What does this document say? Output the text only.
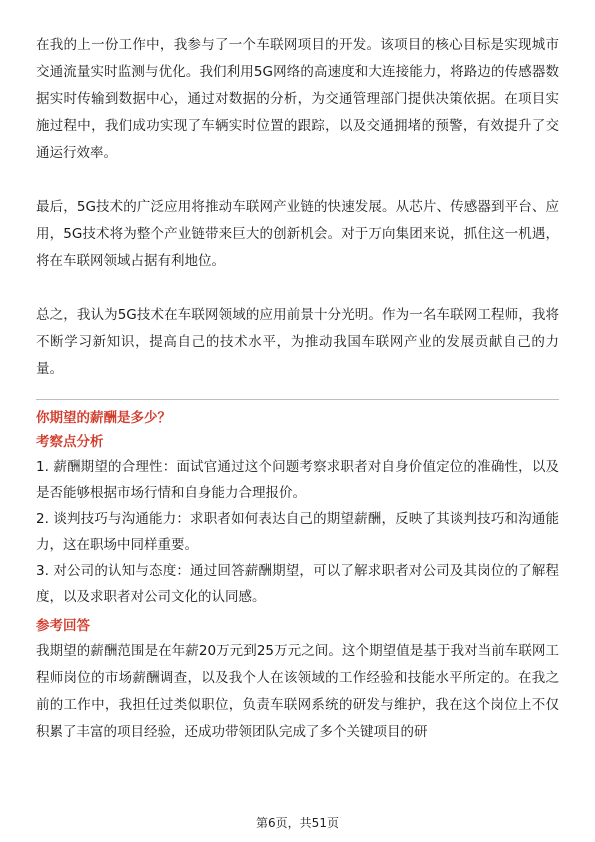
在我的上一份工作中，我参与了一个车联网项目的开发。该项目的核心目标是实现城市交通流量实时监测与优化。我们利用5G网络的高速度和大连接能力，将路边的传感器数据实时传输到数据中心，通过对数据的分析，为交通管理部门提供决策依据。在项目实施过程中，我们成功实现了车辆实时位置的跟踪，以及交通拥堵的预警，有效提升了交通运行效率。

最后，5G技术的广泛应用将推动车联网产业链的快速发展。从芯片、传感器到平台、应用，5G技术将为整个产业链带来巨大的创新机会。对于万向集团来说，抓住这一机遇，将在车联网领域占据有利地位。

总之，我认为5G技术在车联网领域的应用前景十分光明。作为一名车联网工程师，我将不断学习新知识，提高自己的技术水平，为推动我国车联网产业的发展贡献自己的力量。

你期望的薪酬是多少？

考察点分析

1. 薪酬期望的合理性：面试官通过这个问题考察求职者对自身价值定位的准确性，以及是否能够根据市场行情和自身能力合理报价。

2. 谈判技巧与沟通能力：求职者如何表达自己的期望薪酬，反映了其谈判技巧和沟通能力，这在职场中同样重要。

3. 对公司的认知与态度：通过回答薪酬期望，可以了解求职者对公司及其岗位的了解程度，以及求职者对公司文化的认同感。

参考回答

我期望的薪酬范围是在年薪20万元到25万元之间。这个期望值是基于我对当前车联网工程师岗位的市场薪酬调查，以及我个人在该领域的工作经验和技能水平所定的。在我之前的工作中，我担任过类似职位，负责车联网系统的研发与维护，我在这个岗位上不仅积累了丰富的项目经验，还成功带领团队完成了多个关键项目的研

第6页，共51页
